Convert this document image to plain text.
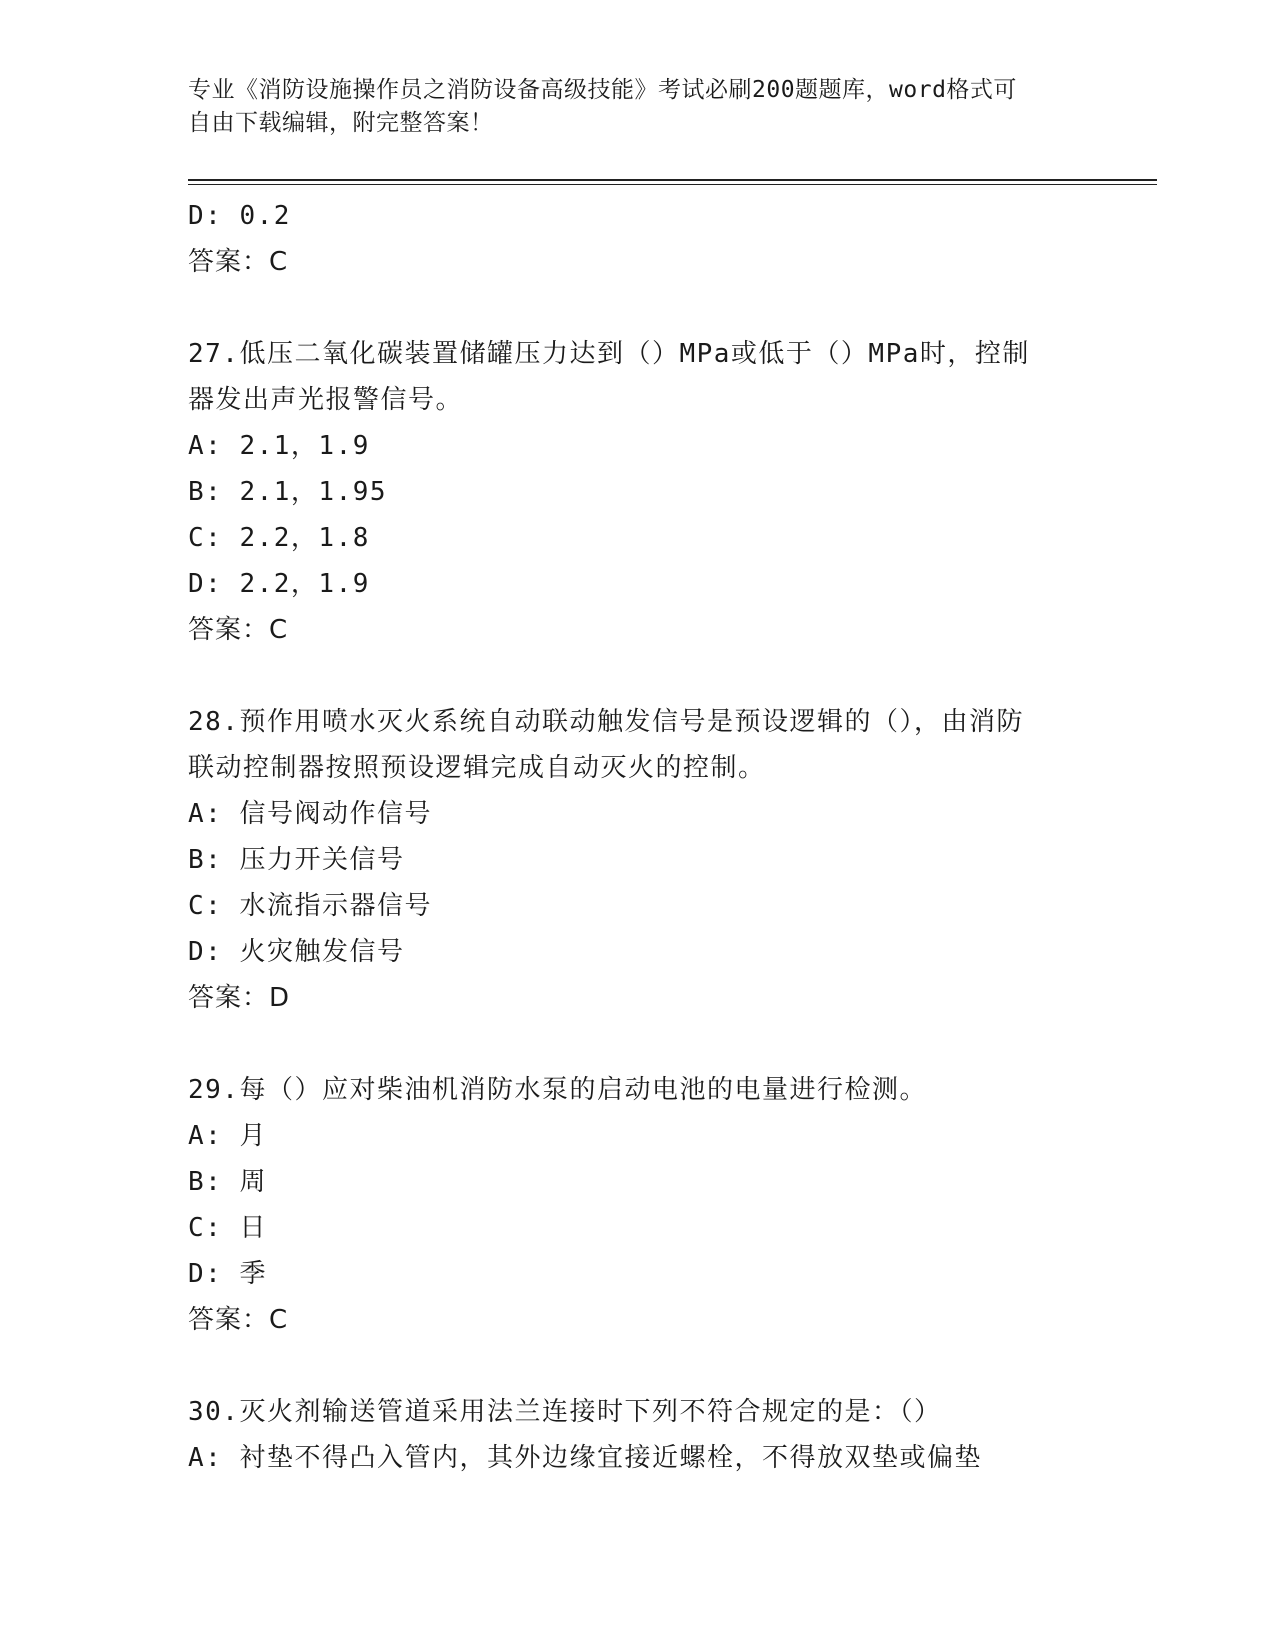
专业《消防设施操作员之消防设备高级技能》考试必刷200题题库，word格式可
自由下载编辑，附完整答案！
D: 0.2
答案：C
27.低压二氧化碳装置储罐压力达到（）MPa或低于（）MPa时，控制
器发出声光报警信号。
A: 2.1，1.9
B: 2.1，1.95
C: 2.2，1.8
D: 2.2，1.9
答案：C
28.预作用喷水灭火系统自动联动触发信号是预设逻辑的（），由消防
联动控制器按照预设逻辑完成自动灭火的控制。
A: 信号阀动作信号
B: 压力开关信号
C: 水流指示器信号
D: 火灾触发信号
答案：D
29.每（）应对柴油机消防水泵的启动电池的电量进行检测。
A: 月
B: 周
C: 日
D: 季
答案：C
30.灭火剂输送管道采用法兰连接时下列不符合规定的是：（）
A: 衬垫不得凸入管内，其外边缘宜接近螺栓，不得放双垫或偏垫
